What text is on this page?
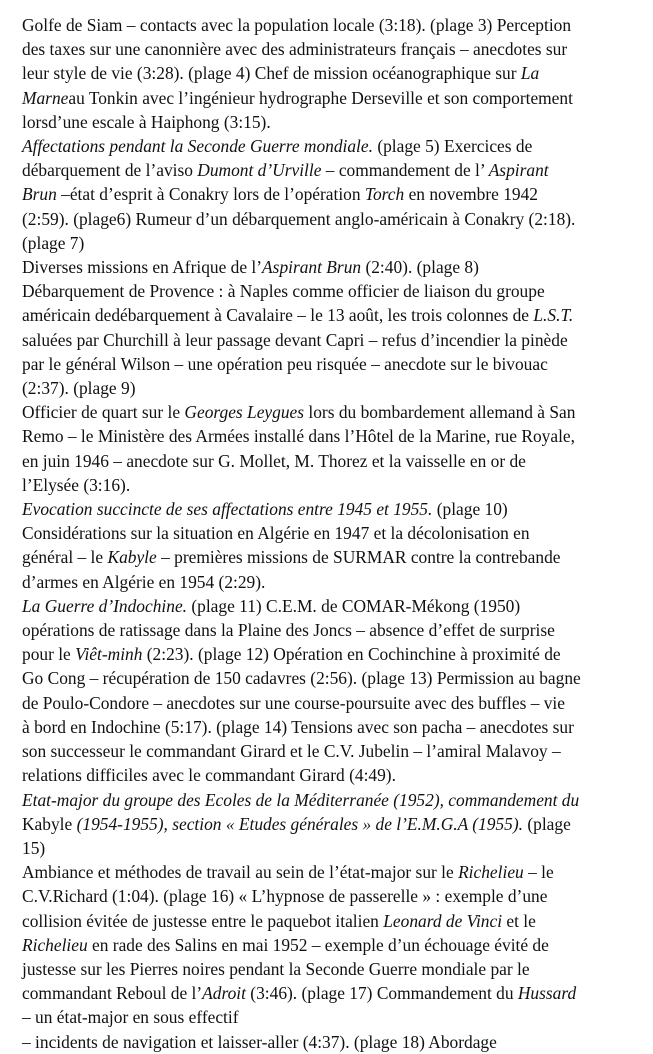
Golfe de Siam – contacts avec la population locale (3:18). (plage 3) Perception
des taxes sur une canonnière avec des administrateurs français – anecdotes sur
leur style de vie (3:28). (plage 4) Chef de mission océanographique sur La
Marneau Tonkin avec l’ingénieur hydrographe Derseville et son comportement
lorsd’une escale à Haiphong (3:15).
Affectations pendant la Seconde Guerre mondiale. (plage 5) Exercices de
débarquement de l’aviso Dumont d’Urville – commandement de l’ Aspirant
Brun –état d’esprit à Conakry lors de l’opération Torch en novembre 1942
(2:59). (plage6) Rumeur d’un débarquement anglo-américain à Conakry (2:18).
(plage 7)
Diverses missions en Afrique de l’Aspirant Brun (2:40). (plage 8)
Débarquement de Provence : à Naples comme officier de liaison du groupe
américain dedébarquement à Cavalaire – le 13 août, les trois colonnes de L.S.T.
saluées par Churchill à leur passage devant Capri – refus d’incendier la pinède
par le général Wilson – une opération peu risquée – anecdote sur le bivouac
(2:37). (plage 9)
Officier de quart sur le Georges Leygues lors du bombardement allemand à San
Remo – le Ministère des Armées installé dans l’Hôtel de la Marine, rue Royale,
en juin 1946 – anecdote sur G. Mollet, M. Thorez et la vaisselle en or de
l’Elysée (3:16).
Evocation succincte de ses affectations entre 1945 et 1955. (plage 10)
Considérations sur la situation en Algérie en 1947 et la décolonisation en
général – le Kabyle – premières missions de SURMAR contre la contrebande
d’armes en Algérie en 1954 (2:29).
La Guerre d’Indochine. (plage 11) C.E.M. de COMAR-Mékong (1950)
opérations de ratissage dans la Plaine des Joncs – absence d’effet de surprise
pour le Viêt-minh (2:23). (plage 12) Opération en Cochinchine à proximité de
Go Cong – récupération de 150 cadavres (2:56). (plage 13) Permission au bagne
de Poulo-Condore – anecdotes sur une course-poursuite avec des buffles – vie
à bord en Indochine (5:17). (plage 14) Tensions avec son pacha – anecdotes sur
son successeur le commandant Girard et le C.V. Jubelin – l’amiral Malavoy –
relations difficiles avec le commandant Girard (4:49).
Etat-major du groupe des Ecoles de la Méditerranée (1952), commandement du
Kabyle (1954-1955), section « Etudes générales » de l’E.M.G.A (1955). (plage
15)
Ambiance et méthodes de travail au sein de l’état-major sur le Richelieu – le
C.V.Richard (1:04). (plage 16) « L’hypnose de passerelle » : exemple d’une
collision évitée de justesse entre le paquebot italien Leonard de Vinci et le
Richelieu en rade des Salins en mai 1952 – exemple d’un échouage évité de
justesse sur les Pierres noires pendant la Seconde Guerre mondiale par le
commandant Reboul de l’Adroit (3:46). (plage 17) Commandement du Hussard
– un état-major en sous effectif
– incidents de navigation et laisser-aller (4:37). (plage 18) Abordage
